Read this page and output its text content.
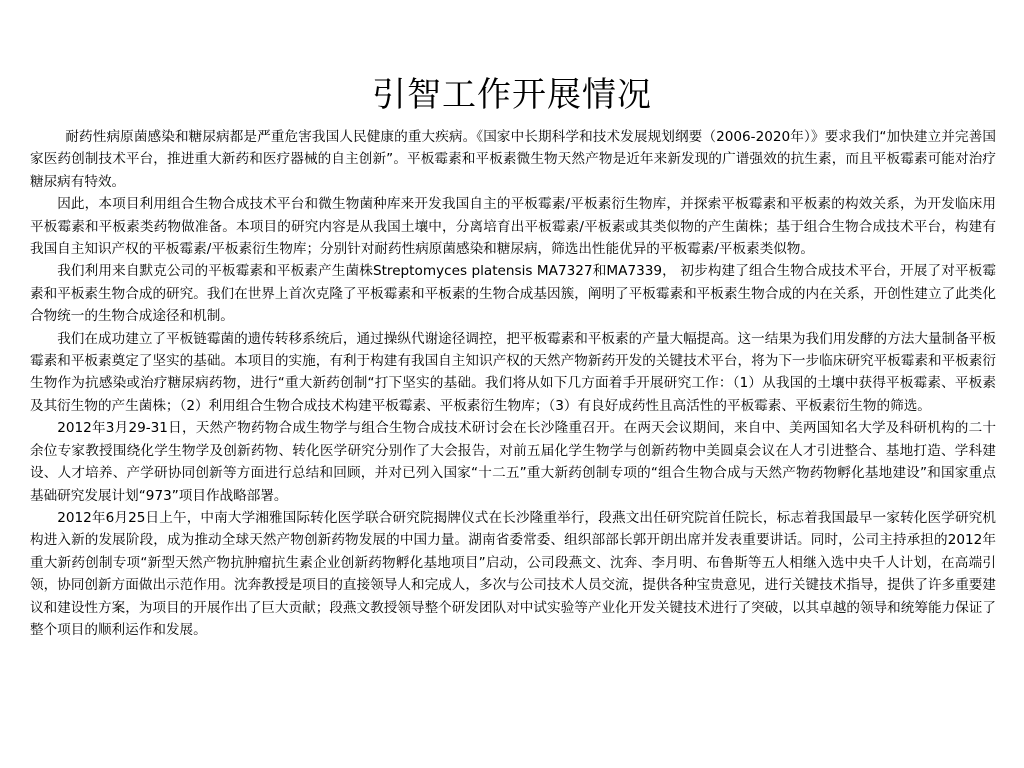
引智工作开展情况

耐药性病原菌感染和糖尿病都是严重危害我国人民健康的重大疾病。《国家中长期科学和技术发展规划纲要（2006-2020年）》要求我们“加快建立并完善国家医药创制技术平台，推进重大新药和医疗器械的自主创新”。平板霉素和平板素微生物天然产物是近年来新发现的广谱强效的抗生素，而且平板霉素可能对治疗糖尿病有特效。

因此，本项目利用组合生物合成技术平台和微生物菌种库来开发我国自主的平板霉素/平板素衍生物库，并探索平板霉素和平板素的构效关系，为开发临床用平板霉素和平板素类药物做准备。本项目的研究内容是从我国土壤中，分离培育出平板霉素/平板素或其类似物的产生菌株；基于组合生物合成技术平台，构建有我国自主知识产权的平板霉素/平板素衍生物库；分别针对耐药性病原菌感染和糖尿病，筛选出性能优异的平板霉素/平板素类似物。

我们利用来自默克公司的平板霉素和平板素产生菌株Streptomyces platensis MA7327和MA7339， 初步构建了组合生物合成技术平台，开展了对平板霉素和平板素生物合成的研究。我们在世界上首次克隆了平板霉素和平板素的生物合成基因簇，阐明了平板霉素和平板素生物合成的内在关系，开创性建立了此类化合物统一的生物合成途径和机制。

我们在成功建立了平板链霉菌的遗传转移系统后，通过操纵代谢途径调控，把平板霉素和平板素的产量大幅提高。这一结果为我们用发酵的方法大量制备平板霉素和平板素奠定了坚实的基础。本项目的实施，有利于构建有我国自主知识产权的天然产物新药开发的关键技术平台，将为下一步临床研究平板霉素和平板素衍生物作为抗感染或治疗糖尿病药物，进行“重大新药创制“打下坚实的基础。我们将从如下几方面着手开展研究工作：（1）从我国的土壤中获得平板霉素、平板素及其衍生物的产生菌株；（2）利用组合生物合成技术构建平板霉素、平板素衍生物库；（3）有良好成药性且高活性的平板霉素、平板素衍生物的筛选。

2012年3月29-31日，天然产物药物合成生物学与组合生物合成技术研讨会在长沙隆重召开。在两天会议期间，来自中、美两国知名大学及科研机构的二十余位专家教授围绕化学生物学及创新药物、转化医学研究分别作了大会报告，对前五届化学生物学与创新药物中美圆桌会议在人才引进整合、基地打造、学科建设、人才培养、产学研协同创新等方面进行总结和回顾，并对已列入国家“十二五”重大新药创制专项的“组合生物合成与天然产物药物孵化基地建设”和国家重点基础研究发展计划“973”项目作战略部署。

2012年6月25日上午，中南大学湘雅国际转化医学联合研究院揭牌仪式在长沙隆重举行，段燕文出任研究院首任院长，标志着我国最早一家转化医学研究机构进入新的发展阶段，成为推动全球天然产物创新药物发展的中国力量。湖南省委常委、组织部部长郭开朗出席并发表重要讲话。同时，公司主持承担的2012年重大新药创制专项“新型天然产物抗肿瘤抗生素企业创新药物孵化基地项目”启动，公司段燕文、沈奔、李月明、布鲁斯等五人相继入选中央千人计划，在高端引领，协同创新方面做出示范作用。沈奔教授是项目的直接领导人和完成人，多次与公司技术人员交流，提供各种宝贵意见，进行关键技术指导，提供了许多重要建议和建设性方案，为项目的开展作出了巨大贡献；段燕文教授领导整个研发团队对中试实验等产业化开发关键技术进行了突破，以其卓越的领导和统筹能力保证了整个项目的顺利运作和发展。
